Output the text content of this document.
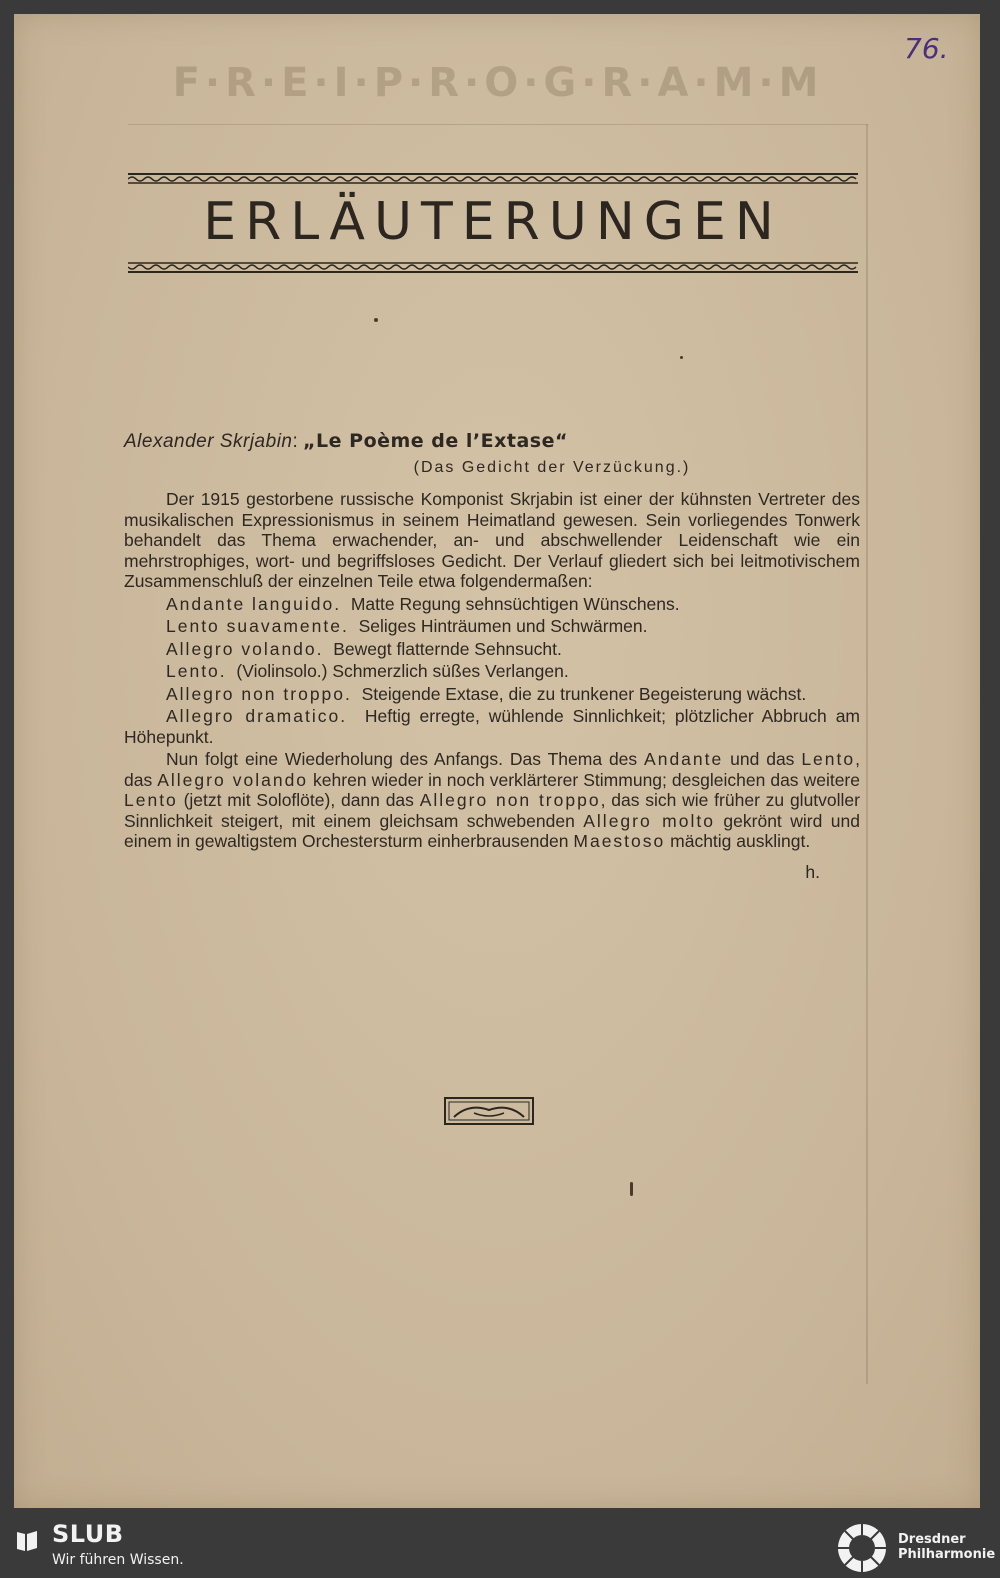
F·R·E·I·P·R·O·G·R·A·M·M
76.
ERLÄUTERUNGEN
Alexander Skrjabin: „Le Poème de l’Extase“
(Das Gedicht der Verzückung.)

Der 1915 gestorbene russische Komponist Skrjabin ist einer der kühnsten Vertreter des musikalischen Expressionismus in seinem Heimatland gewesen. Sein vorliegendes Tonwerk behandelt das Thema erwachender, an- und abschwellender Leidenschaft wie ein mehrstrophiges, wort- und begriffsloses Gedicht. Der Verlauf gliedert sich bei leitmotivischem Zusammenschluß der einzelnen Teile etwa folgendermaßen:

Andante languido. Matte Regung sehnsüchtigen Wünschens.

Lento suavamente. Seliges Hinträumen und Schwärmen.

Allegro volando. Bewegt flatternde Sehnsucht.

Lento. (Violinsolo.) Schmerzlich süßes Verlangen.

Allegro non troppo. Steigende Extase, die zu trunkener Begeisterung wächst.

Allegro dramatico. Heftig erregte, wühlende Sinnlichkeit; plötzlicher Abbruch am Höhepunkt.

Nun folgt eine Wiederholung des Anfangs. Das Thema des Andante und das Lento, das Allegro volando kehren wieder in noch verklärterer Stimmung; desgleichen das weitere Lento (jetzt mit Soloflöte), dann das Allegro non troppo, das sich wie früher zu glutvoller Sinnlichkeit steigert, mit einem gleichsam schwebenden Allegro molto gekrönt wird und einem in gewaltigstem Orchestersturm einherbrausenden Maestoso mächtig ausklingt.

h.
SLUB
Wir führen Wissen.
Dresdner
Philharmonie
